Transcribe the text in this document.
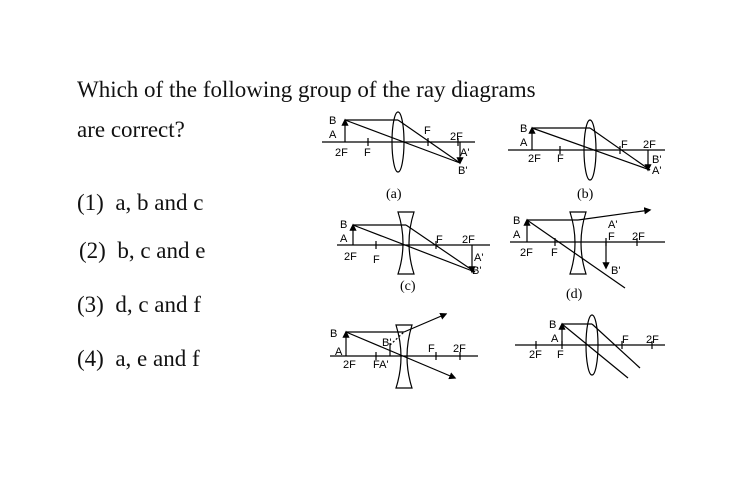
Which of the following group of the ray diagrams
are correct?
(1) a, b and c
(2) b, c and e
(3) d, c and f
(4) a, e and f
B
A
2F F
F 2F
A'
B'
(a)
B
A
2F F
F 2F
B'
A'
(b)
B
A
2F F
F 2F
A'
B'
(c)
B
A
2F F
A'
F 2F
B'
(d)
B
A
B'
2F FA'
F 2F
B
A
2F F
F 2F
